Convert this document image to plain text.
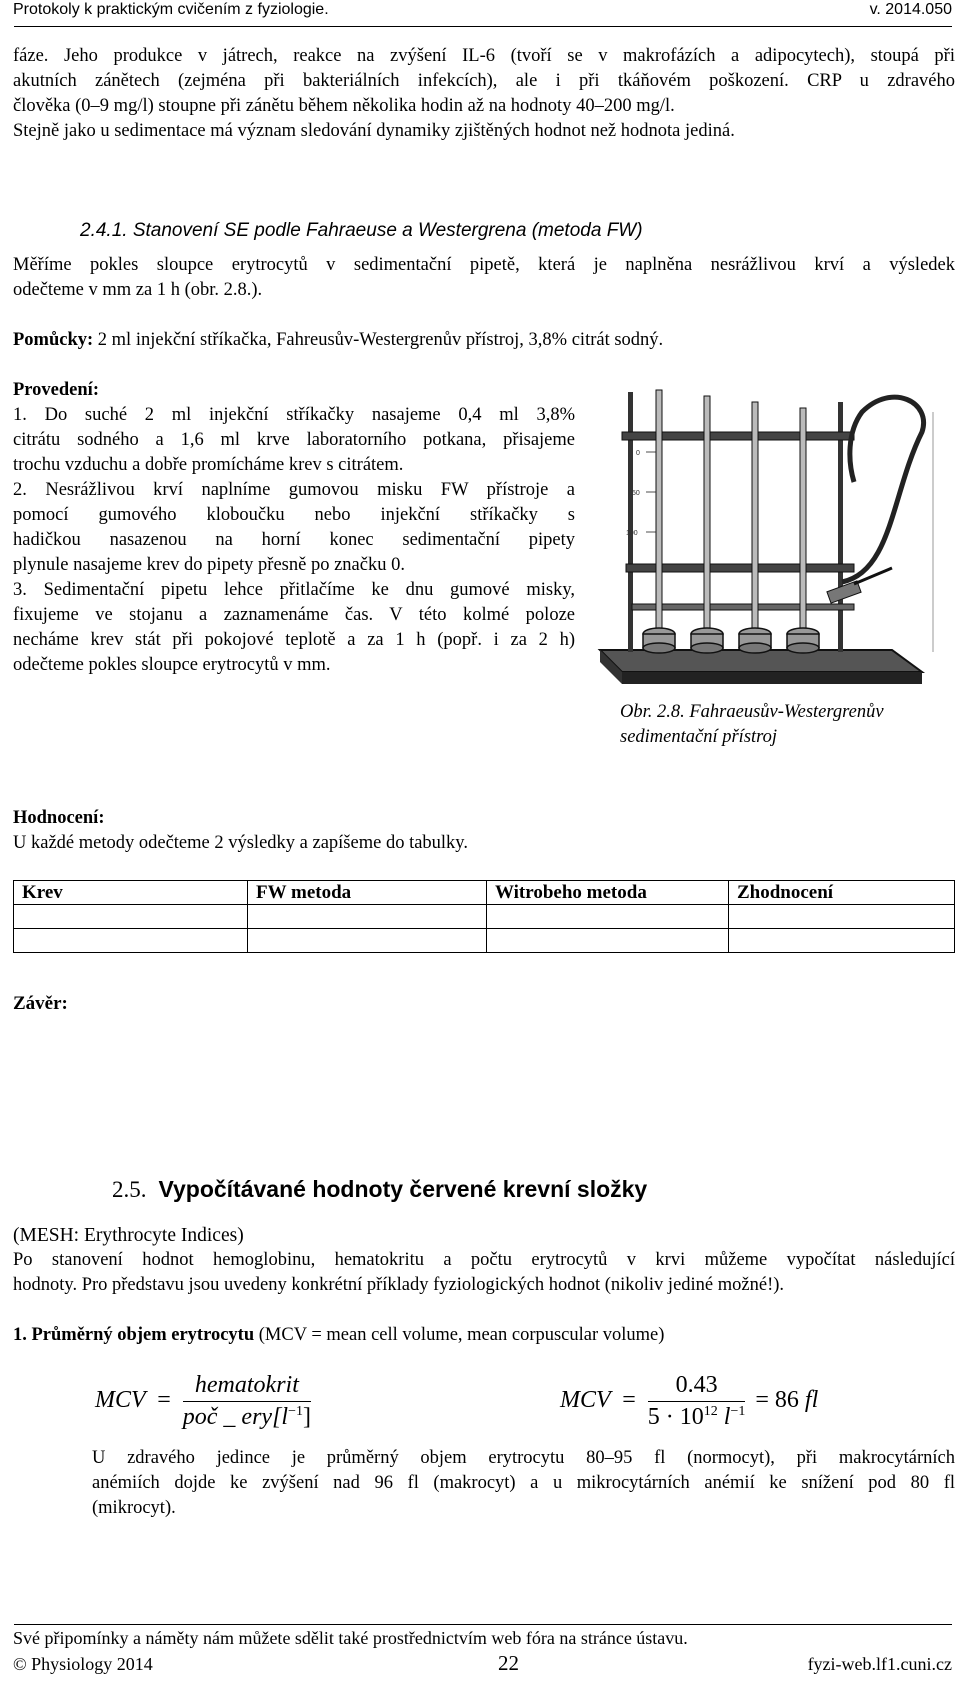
Protokoly k praktickým cvičením z fyziologie.	v. 2014.050
fáze. Jeho produkce v játrech, reakce na zvýšení IL-6 (tvoří se v makrofázích a adipocytech), stoupá při
akutních zánětech (zejména při bakteriálních infekcích), ale i při tkáňovém poškození. CRP u zdravého
člověka (0–9 mg/l) stoupne při zánětu během několika hodin až na hodnoty 40–200 mg/l.
Stejně jako u sedimentace má význam sledování dynamiky zjištěných hodnot než hodnota jediná.
2.4.1. Stanovení SE podle Fahraeuse a Westergrena (metoda FW)
Měříme pokles sloupce erytrocytů v sedimentační pipetě, která je naplněna nesrážlivou krví a výsledek
odečteme v mm za 1 h (obr. 2.8.).
Pomůcky: 2 ml injekční stříkačka, Fahreusův-Westergrenův přístroj, 3,8% citrát sodný.
Provedení:
1. Do suché 2 ml injekční stříkačky nasajeme 0,4 ml 3,8%
citrátu sodného a 1,6 ml krve laboratorního potkana, přisajeme
trochu vzduchu a dobře promícháme krev s citrátem.
2. Nesrážlivou krví naplníme gumovou misku FW přístroje a
pomocí gumového kloboučku nebo injekční stříkačky s
hadičkou nasazenou na horní konec sedimentační pipety
plynule nasajeme krev do pipety přesně po značku 0.
3. Sedimentační pipetu lehce přitlačíme ke dnu gumové misky,
fixujeme ve stojanu a zaznamenáme čas. V této kolmé poloze
necháme krev stát při pokojové teplotě a za 1 h (popř. i za 2 h)
odečteme pokles sloupce erytrocytů v mm.
0
50
100
Obr. 2.8. Fahraeusův-Westergrenův
sedimentační přístroj
Hodnocení:
U každé metody odečteme 2 výsledky a zapíšeme do tabulky.
Krev	FW metoda	Witrobeho metoda	Zhodnocení

Závěr:
2.5. Vypočítávané hodnoty červené krevní složky
(MESH: Erythrocyte Indices)
Po stanovení hodnot hemoglobinu, hematokritu a počtu erytrocytů v krvi můžeme vypočítat následující
hodnoty. Pro představu jsou uvedeny konkrétní příklady fyziologických hodnot (nikoliv jediné možné!).
1. Průměrný objem erytrocytu (MCV = mean cell volume, mean corpuscular volume)
MCV = $\frac{\text{hematokrit}}{poč \_ ery[l^{-1}]}$	MCV = $\frac{0.43}{5 \cdot 10^{12} l^{-1}} = 86$ fl
U zdravého jedince je průměrný objem erytrocytu 80–95 fl (normocyt), při makrocytárních
anémiích dojde ke zvýšení nad 96 fl (makrocyt) a u mikrocytárních anémií ke snížení pod 80 fl
(mikrocyt).
Své připomínky a náměty nám můžete sdělit také prostřednictvím web fóra na stránce ústavu.
© Physiology 2014	22	fyzi-web.lf1.cuni.cz
